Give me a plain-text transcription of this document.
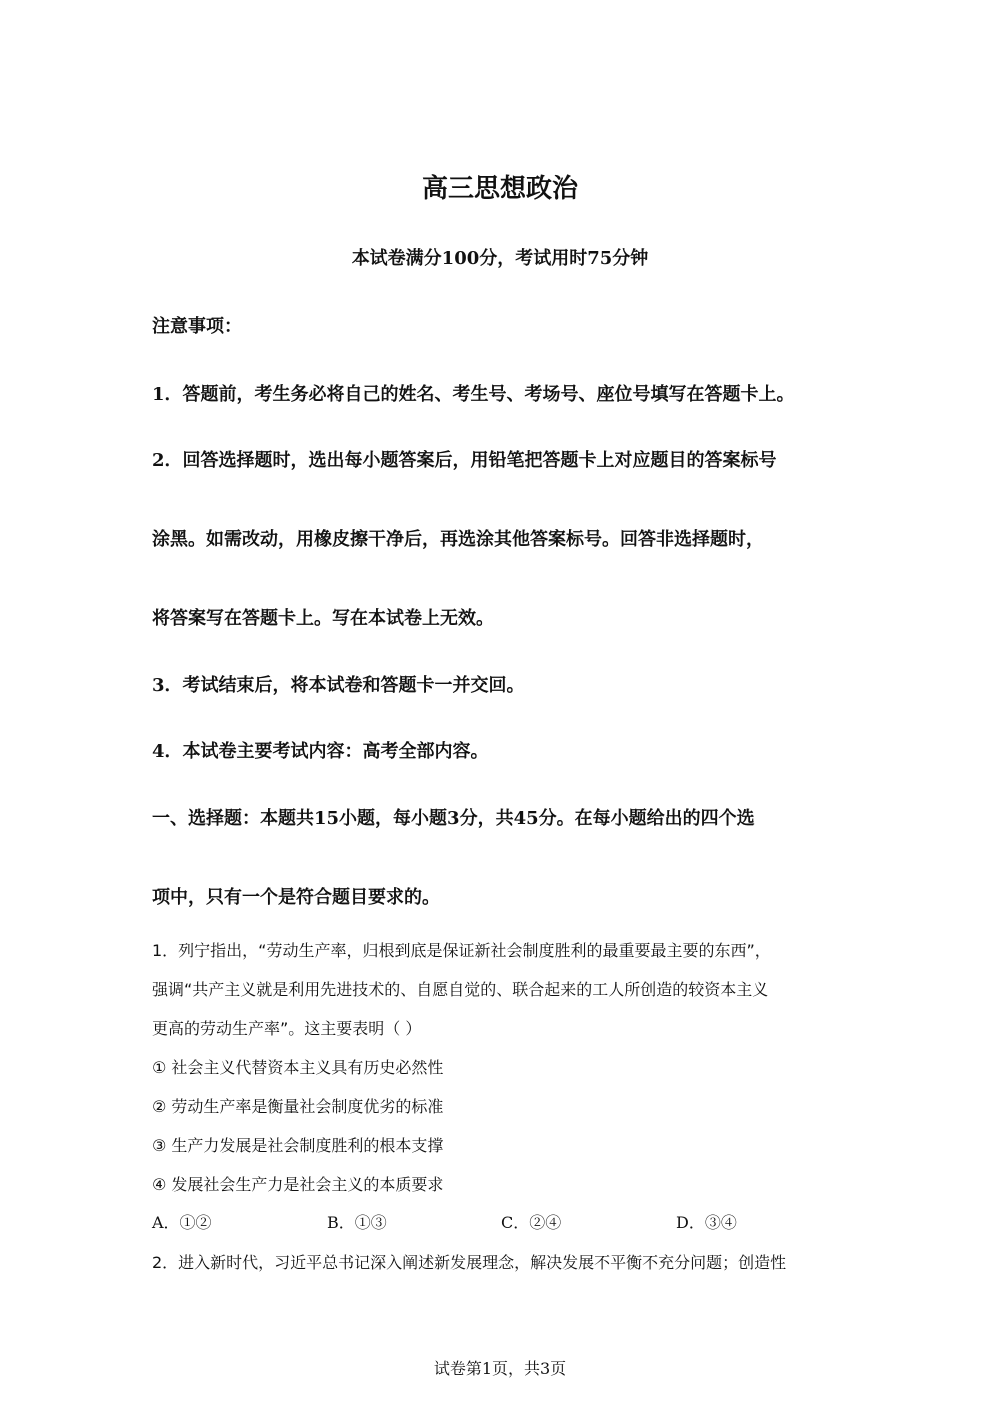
高三思想政治
本试卷满分100分，考试用时75分钟
注意事项：
1．答题前，考生务必将自己的姓名、考生号、考场号、座位号填写在答题卡上。
2．回答选择题时，选出每小题答案后，用铅笔把答题卡上对应题目的答案标号
涂黑。如需改动，用橡皮擦干净后，再选涂其他答案标号。回答非选择题时，
将答案写在答题卡上。写在本试卷上无效。
3．考试结束后，将本试卷和答题卡一并交回。
4．本试卷主要考试内容：高考全部内容。
一、选择题：本题共15小题，每小题3分，共45分。在每小题给出的四个选
项中，只有一个是符合题目要求的。
1．列宁指出，“劳动生产率，归根到底是保证新社会制度胜利的最重要最主要的东西”，
强调“共产主义就是利用先进技术的、自愿自觉的、联合起来的工人所创造的较资本主义
更高的劳动生产率”。这主要表明（ ）
① 社会主义代替资本主义具有历史必然性
② 劳动生产率是衡量社会制度优劣的标准
③ 生产力发展是社会制度胜利的根本支撑
④ 发展社会生产力是社会主义的本质要求
A．①②	B．①③	C．②④	D．③④
2．进入新时代，习近平总书记深入阐述新发展理念，解决发展不平衡不充分问题；创造性
试卷第1页，共3页
